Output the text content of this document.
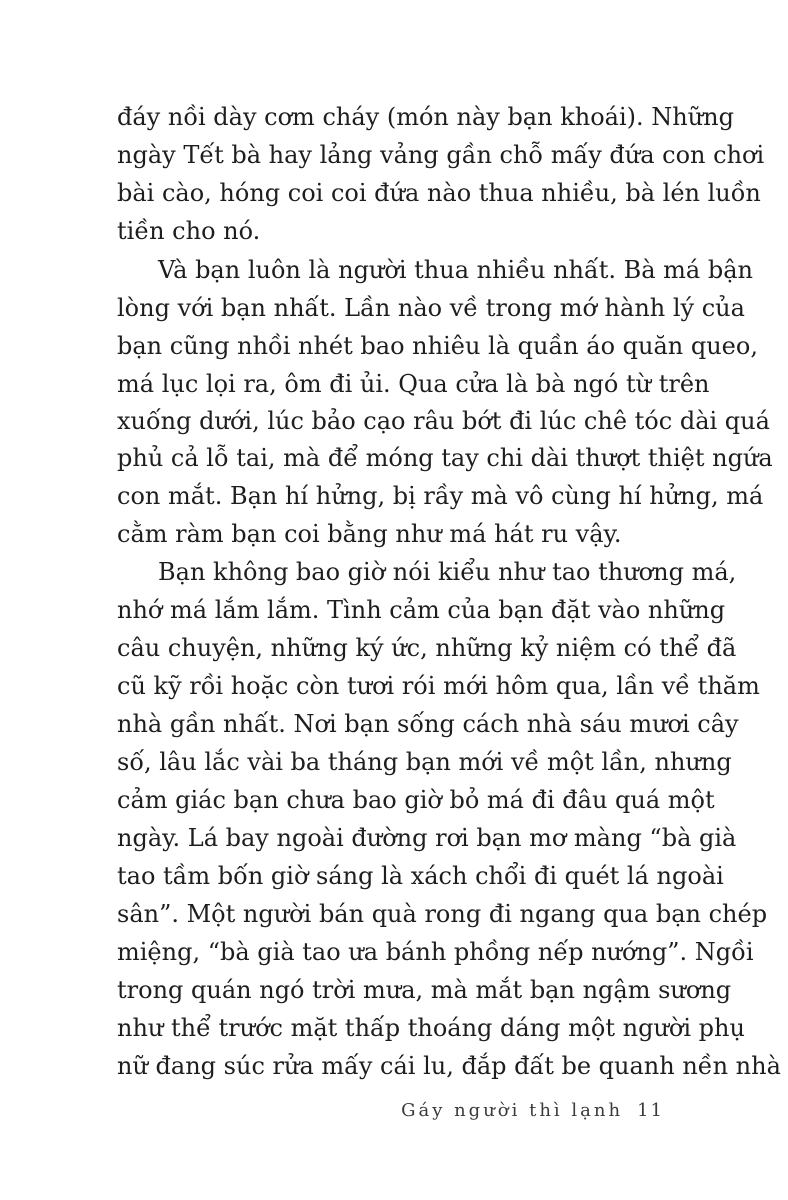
đáy nồi dày cơm cháy (món này bạn khoái). Những
ngày Tết bà hay lảng vảng gần chỗ mấy đứa con chơi
bài cào, hóng coi coi đứa nào thua nhiều, bà lén luồn
tiền cho nó.
Và bạn luôn là người thua nhiều nhất. Bà má bận
lòng với bạn nhất. Lần nào về trong mớ hành lý của
bạn cũng nhồi nhét bao nhiêu là quần áo quăn queo,
má lục lọi ra, ôm đi ủi. Qua cửa là bà ngó từ trên
xuống dưới, lúc bảo cạo râu bớt đi lúc chê tóc dài quá
phủ cả lỗ tai, mà để móng tay chi dài thượt thiệt ngứa
con mắt. Bạn hí hửng, bị rầy mà vô cùng hí hửng, má
cằm ràm bạn coi bằng như má hát ru vậy.
Bạn không bao giờ nói kiểu như tao thương má,
nhớ má lắm lắm. Tình cảm của bạn đặt vào những
câu chuyện, những ký ức, những kỷ niệm có thể đã
cũ kỹ rồi hoặc còn tươi rói mới hôm qua, lần về thăm
nhà gần nhất. Nơi bạn sống cách nhà sáu mươi cây
số, lâu lắc vài ba tháng bạn mới về một lần, nhưng
cảm giác bạn chưa bao giờ bỏ má đi đâu quá một
ngày. Lá bay ngoài đường rơi bạn mơ màng “bà già
tao tầm bốn giờ sáng là xách chổi đi quét lá ngoài
sân”. Một người bán quà rong đi ngang qua bạn chép
miệng, “bà già tao ưa bánh phồng nếp nướng”. Ngồi
trong quán ngó trời mưa, mà mắt bạn ngậm sương
như thể trước mặt thấp thoáng dáng một người phụ
nữ đang súc rửa mấy cái lu, đắp đất be quanh nền nhà
Gáy người thì lạnh 11
